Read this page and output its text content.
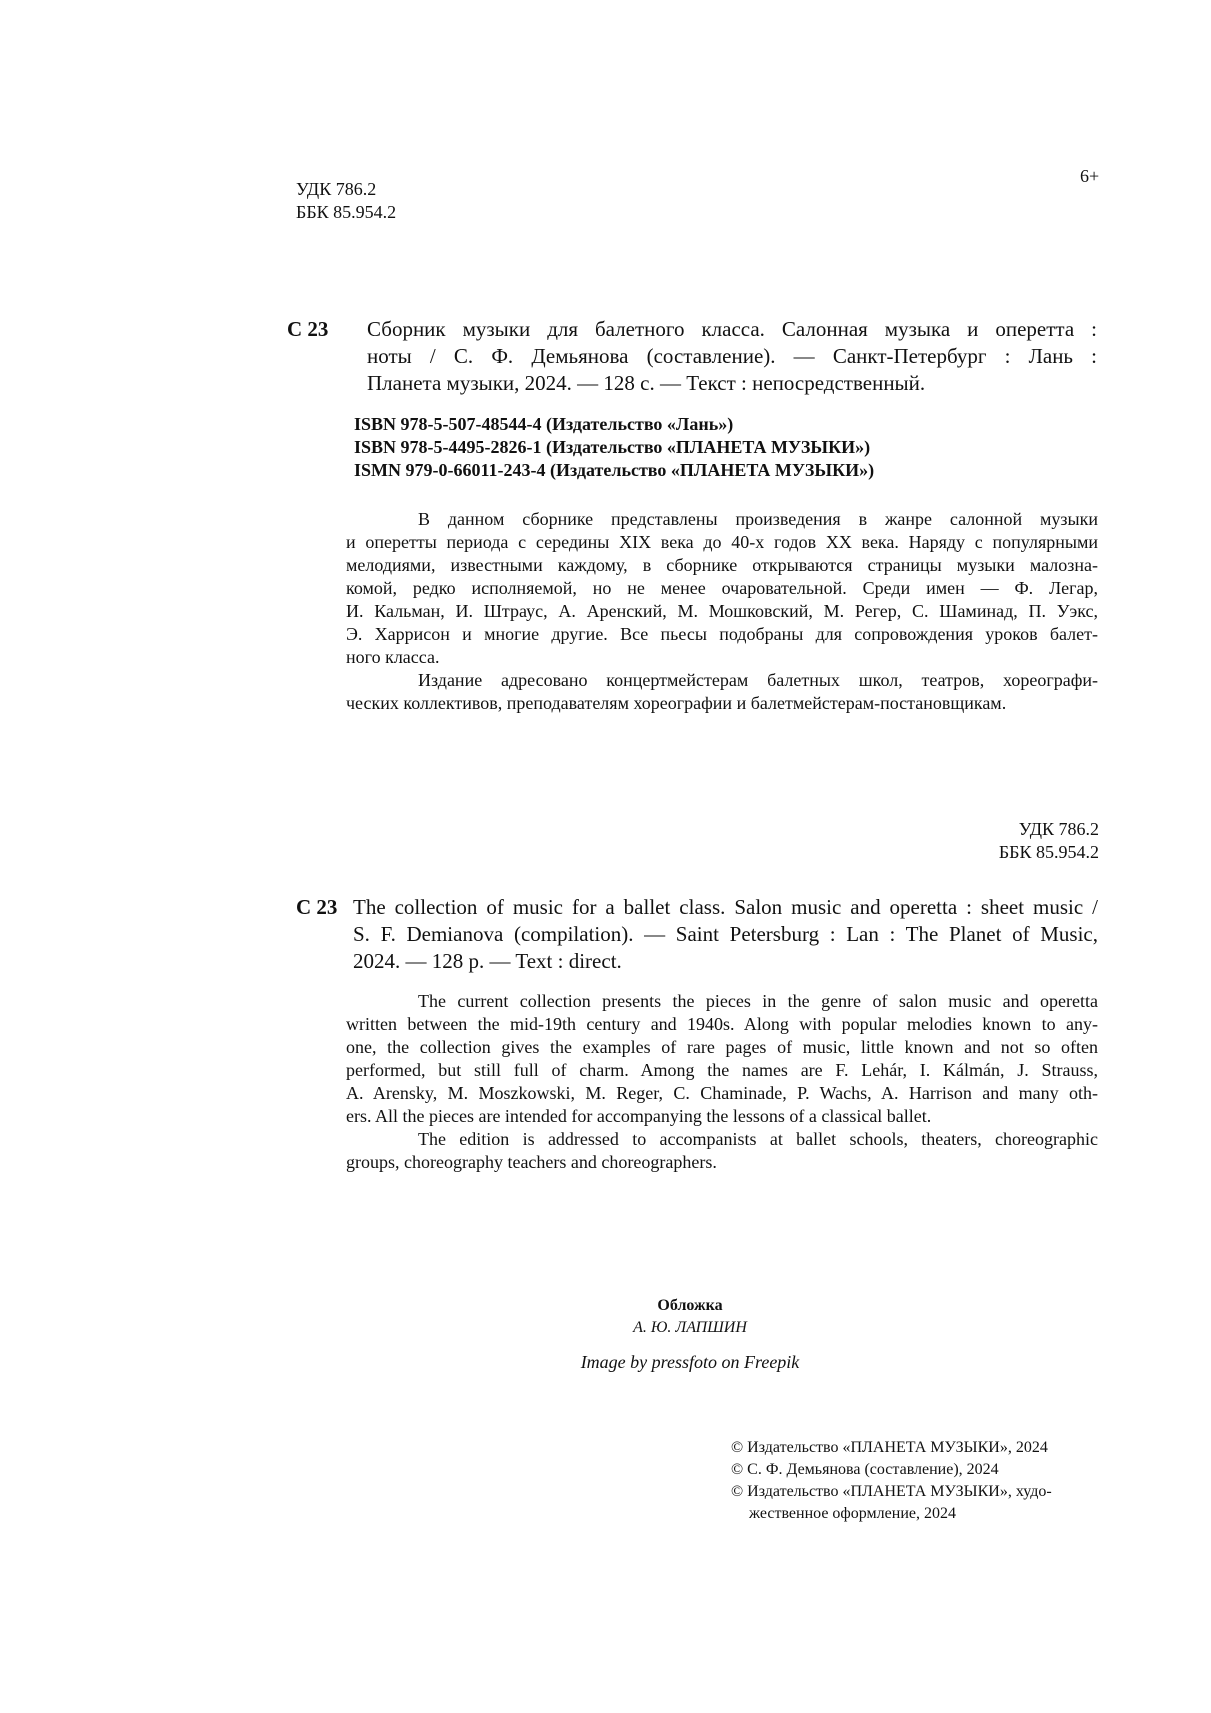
УДК 786.2
ББК 85.954.2
6+
С 23 Сборник музыки для балетного класса. Салонная музыка и оперетта :
ноты / С. Ф. Демьянова (составление). — Санкт-Петербург : Лань :
Планета музыки, 2024. — 128 с. — Текст : непосредственный.
ISBN 978-5-507-48544-4 (Издательство «Лань»)
ISBN 978-5-4495-2826-1 (Издательство «ПЛАНЕТА МУЗЫКИ»)
ISMN 979-0-66011-243-4 (Издательство «ПЛАНЕТА МУЗЫКИ»)
В данном сборнике представлены произведения в жанре салонной музыки
и оперетты периода с середины XIX века до 40-х годов XX века. Наряду с популярными
мелодиями, известными каждому, в сборнике открываются страницы музыки малозна-
комой, редко исполняемой, но не менее очаровательной. Среди имен — Ф. Легар,
И. Кальман, И. Штраус, А. Аренский, М. Мошковский, М. Регер, С. Шаминад, П. Уэкс,
Э. Харрисон и многие другие. Все пьесы подобраны для сопровождения уроков балет-
ного класса.
Издание адресовано концертмейстерам балетных школ, театров, хореографи-
ческих коллективов, преподавателям хореографии и балетмейстерам-постановщикам.
УДК 786.2
ББК 85.954.2
С 23 The collection of music for a ballet class. Salon music and operetta : sheet music /
S. F. Demianova (compilation). — Saint Petersburg : Lan : The Planet of Music,
2024. — 128 p. — Text : direct.
The current collection presents the pieces in the genre of salon music and operetta
written between the mid-19th century and 1940s. Along with popular melodies known to any-
one, the collection gives the examples of rare pages of music, little known and not so often
performed, but still full of charm. Among the names are F. Lehár, I. Kálmán, J. Strauss,
A. Arensky, M. Moszkowski, M. Reger, C. Chaminade, P. Wachs, A. Harrison and many oth-
ers. All the pieces are intended for accompanying the lessons of a classical ballet.
The edition is addressed to accompanists at ballet schools, theaters, choreographic
groups, choreography teachers and choreographers.
Обложка
А. Ю. ЛАПШИН
Image by pressfoto on Freepik
© Издательство «ПЛАНЕТА МУЗЫКИ», 2024
© С. Ф. Демьянова (составление), 2024
© Издательство «ПЛАНЕТА МУЗЫКИ», худо-
жественное оформление, 2024
